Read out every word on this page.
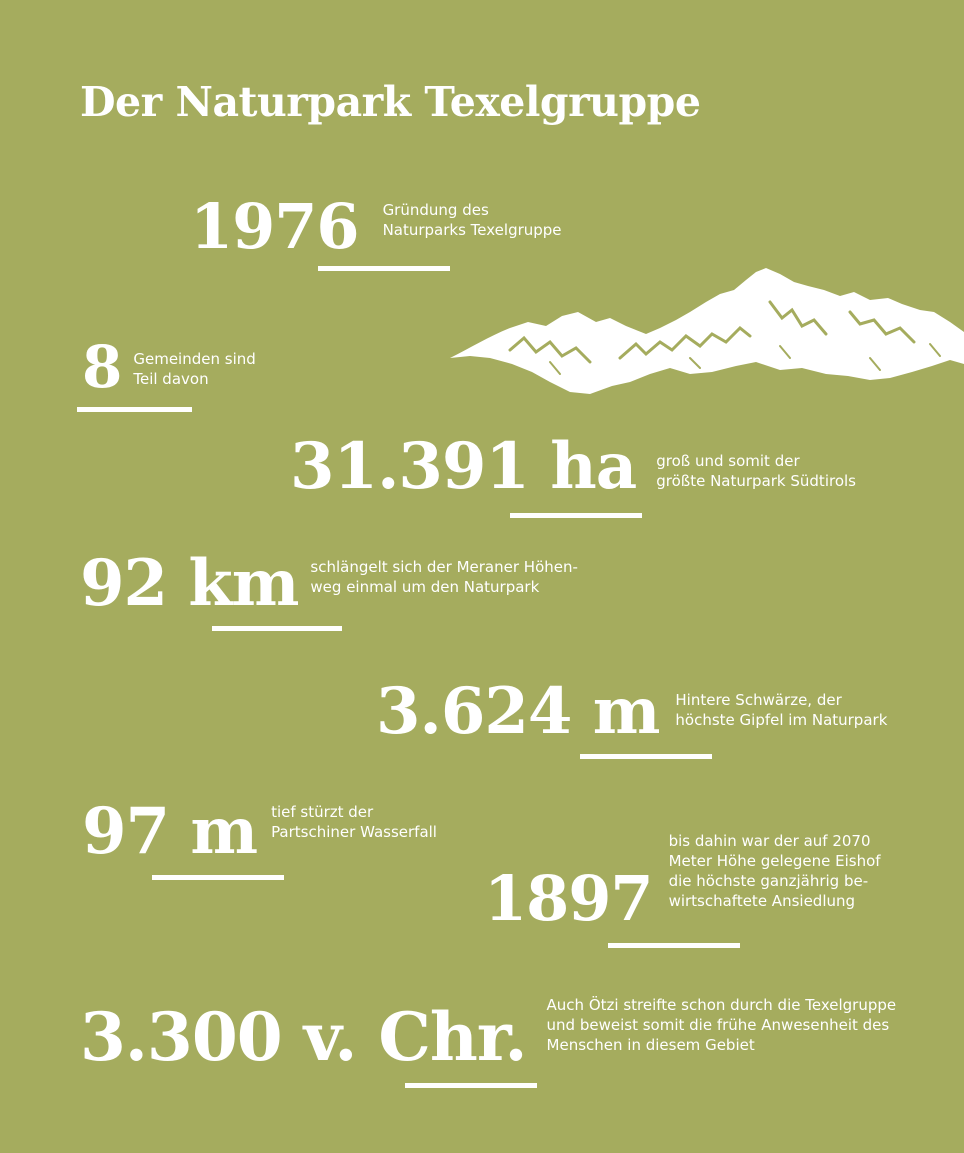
Der Naturpark Texelgruppe
1976 Gründung des
Naturparks Texelgruppe
8 Gemeinden sind
Teil davon
31.391 ha groß und somit der
größte Naturpark Südtirols
92 km schlängelt sich der Meraner Höhen-
weg einmal um den Naturpark
3.624 m Hintere Schwärze, der
höchste Gipfel im Naturpark
97 m tief stürzt der
Partschiner Wasserfall
1897
bis dahin war der auf 2070
Meter Höhe gelegene Eishof
die höchste ganzjährig be-
wirtschaftete Ansiedlung
3.300 v. Chr. Auch Ötzi streifte schon durch die Texelgruppe
und beweist somit die frühe Anwesenheit des
Menschen in diesem Gebiet
